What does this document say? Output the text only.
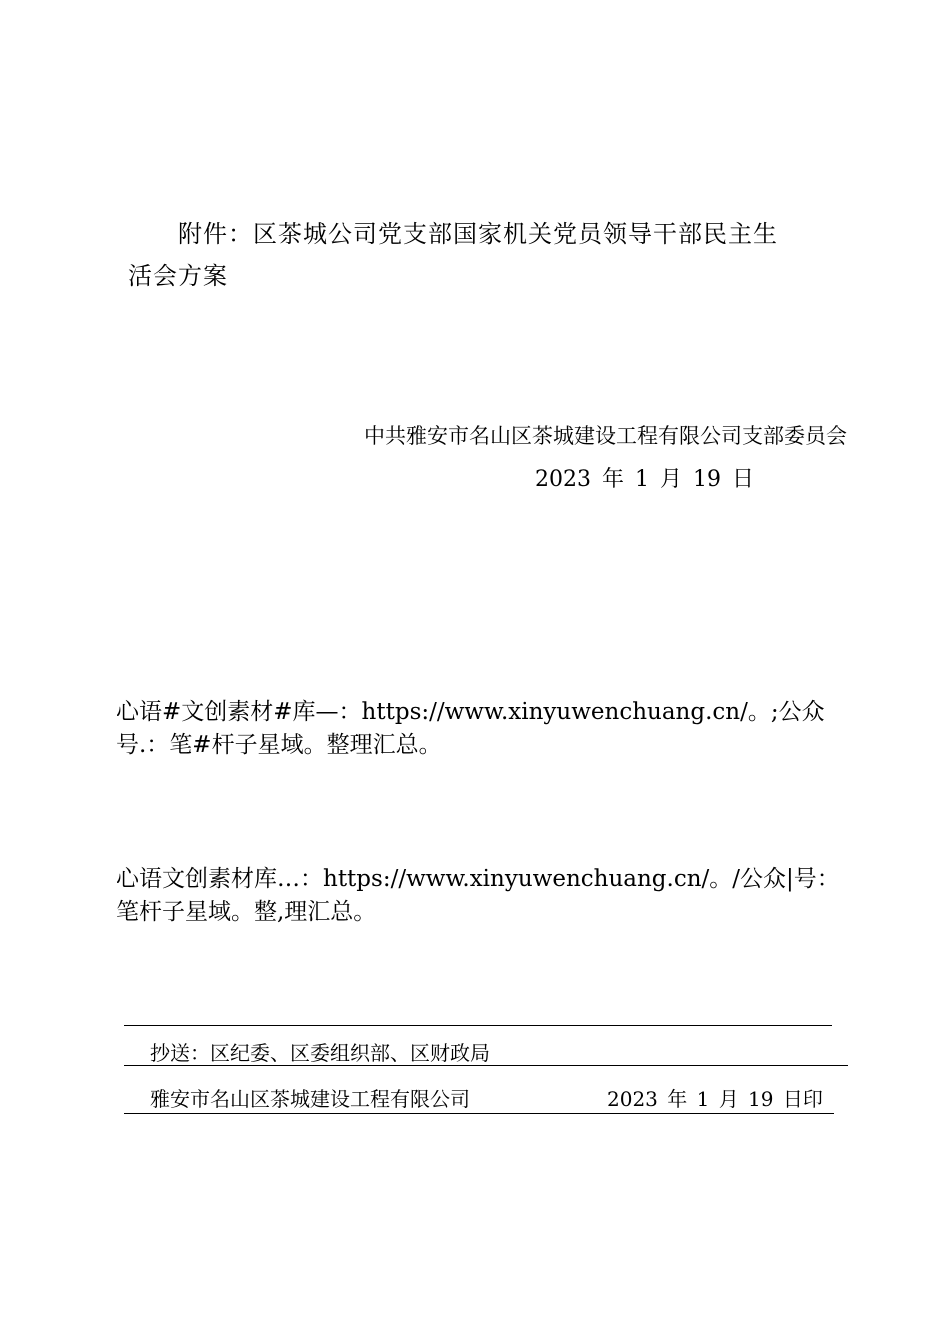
附件：区茶城公司党支部国家机关党员领导干部民主生
活会方案
中共雅安市名山区茶城建设工程有限公司支部委员会
2023 年 1 月 19 日
心语#文创素材#库—：https://www.xinyuwenchuang.cn/。;公众
号.：笔#杆子星域。整理汇总。
心语文创素材库…：https://www.xinyuwenchuang.cn/。/公众|号：
笔杆子星域。整,理汇总。
抄送：区纪委、区委组织部、区财政局
雅安市名山区茶城建设工程有限公司	2023 年 1 月 19 日印
